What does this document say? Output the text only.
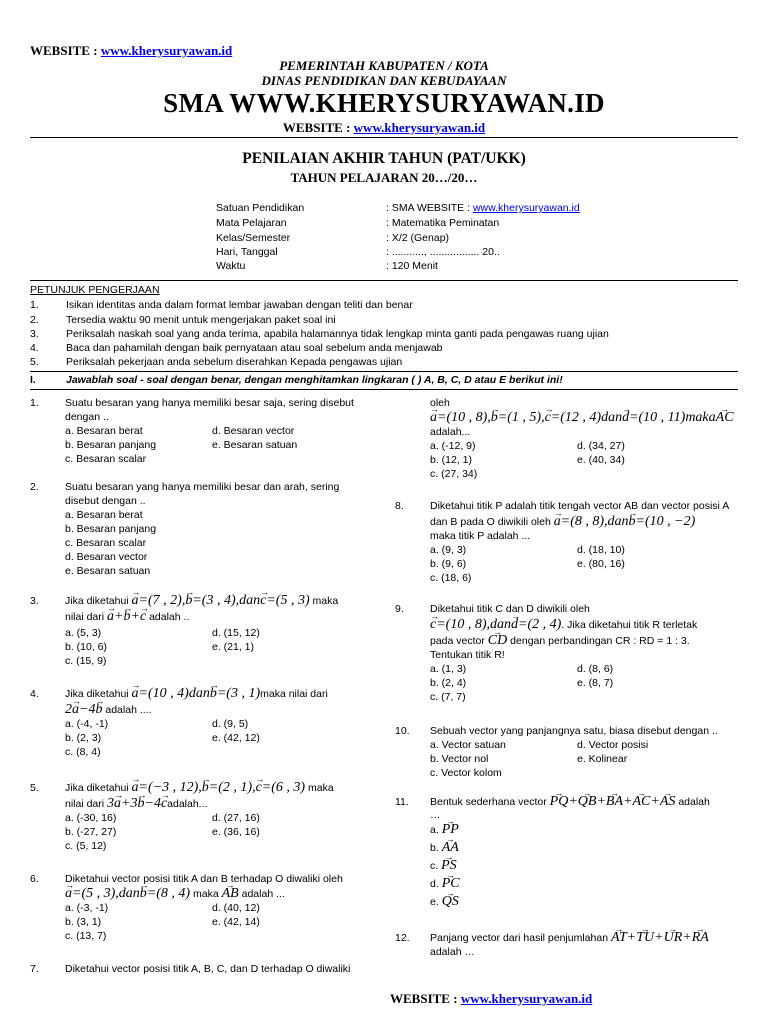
WEBSITE : www.kherysuryawan.id
PEMERINTAH KABUPATEN / KOTA
DINAS PENDIDIKAN DAN KEBUDAYAAN
SMA WWW.KHERYSURYAWAN.ID
WEBSITE : www.kherysuryawan.id
PENILAIAN AKHIR TAHUN (PAT/UKK)
TAHUN PELAJARAN 20…/20…
Satuan Pendidikan	: SMA WEBSITE : www.kherysuryawan.id
Mata Pelajaran	: Matematika Peminatan
Kelas/Semester	: X/2 (Genap)
Hari, Tanggal	: ..........., ................. 20..
Waktu	: 120 Menit
PETUNJUK PENGERJAAN
1.	Isikan identitas anda dalam format lembar jawaban dengan teliti dan benar
2.	Tersedia waktu 90 menit untuk mengerjakan paket soal ini
3.	Periksalah naskah soal yang anda terima, apabila halamannya tidak lengkap minta ganti pada pengawas ruang ujian
4.	Baca dan pahamilah dengan baik pernyataan atau soal sebelum anda menjawab
5.	Periksalah pekerjaan anda sebelum diserahkan Kepada pengawas ujian
I.	Jawablah soal - soal dengan benar, dengan menghitamkan lingkaran ( ) A, B, C, D atau E berikut ini!
1. Suatu besaran yang hanya memiliki besar saja, sering disebut
dengan ..
a. Besaran berat	d. Besaran vector
b. Besaran panjang	e. Besaran satuan
c. Besaran scalar
2. Suatu besaran yang hanya memiliki besar dan arah, sering
disebut dengan ..
a. Besaran berat
b. Besaran panjang
c. Besaran scalar
d. Besaran vector
e. Besaran satuan
3. Jika diketahui → a=(7 , 2),→ b=(3 , 4),dan→ c=(5 , 3) maka
nilai dari → a+→ b+→ c adalah ..
a. (5, 3)	d. (15, 12)
b. (10, 6)	e. (21, 1)
c. (15, 9)
4. Jika diketahui → a=(10 , 4)dan→ b=(3 , 1)maka nilai dari
2→ a−4→ b adalah ....
a. (-4, -1)	d. (9, 5)
b. (2, 3)	e. (42, 12)
c. (8, 4)
5. Jika diketahui → a=(−3 , 12),→ b=(2 , 1),→ c=(6 , 3) maka
nilai dari 3→ a+3→ b−4→ cadalah...
a. (-30, 16)	d. (27, 16)
b. (-27, 27)	e. (36, 16)
c. (5, 12)
6. Diketahui vector posisi titik A dan B terhadap O diwaliki oleh
→ a=(5 , 3),dan→ b=(8 , 4) maka → AB adalah ...
a. (-3, -1)	d. (40, 12)
b. (3, 1)	e. (42, 14)
c. (13, 7)
7. Diketahui vector posisi titik A, B, C, dan D terhadap O diwaliki
oleh
→ a=(10 , 8),→ b=(1 , 5),→ c=(12 , 4)dan→ d=(10 , 11)maka→ AC
adalah...
a. (-12, 9)	d. (34, 27)
b. (12, 1)	e. (40, 34)
c. (27, 34)
8. Diketahui titik P adalah titik tengah vector AB dan vector posisi A
dan B pada O diwikili oleh → a=(8 , 8),dan→ b=(10 , −2)
maka titik P adalah ...
a. (9, 3)	d. (18, 10)
b. (9, 6)	e. (80, 16)
c. (18, 6)
9. Diketahui titik C dan D diwikili oleh
→ c=(10 , 8),dan→ d=(2 , 4). Jika diketahui titik R terletak
pada vector → CD dengan perbandingan CR : RD = 1 : 3.
Tentukan titik R!
a. (1, 3)	d. (8, 6)
b. (2, 4)	e. (8, 7)
c. (7, 7)
10. Sebuah vector yang panjangnya satu, biasa disebut dengan ..
a. Vector satuan	d. Vector posisi
b. Vector nol	e. Kolinear
c. Vector kolom
11. Bentuk sederhana vector → PQ+→ QB+→ BA+→ AC+→ AS adalah
…
a. → PP
b. → AA
c. → PS
d. → PC
e. → QS
12. Panjang vector dari hasil penjumlahan → AT+→ TU+→ UR+→ RA
adalah …
WEBSITE : www.kherysuryawan.id
